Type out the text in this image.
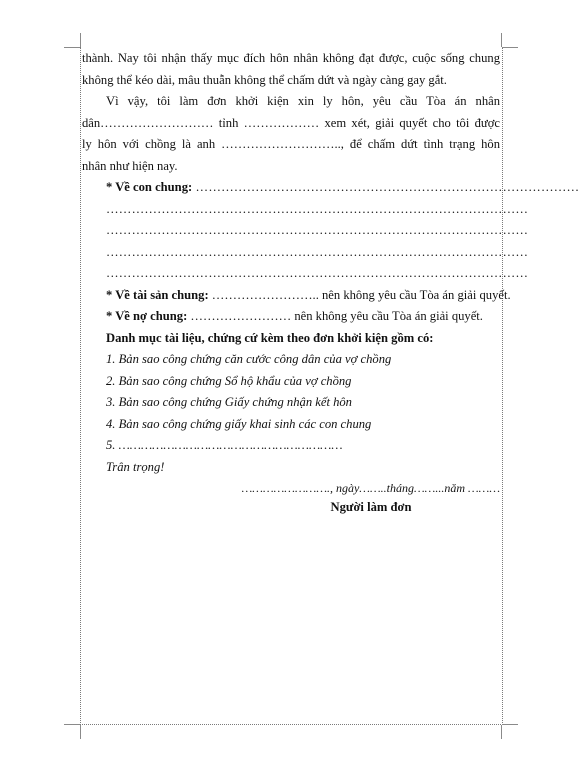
thành. Nay tôi nhận thấy mục đích hôn nhân không đạt được, cuộc sống chung

không thể kéo dài, mâu thuẫn không thể chấm dứt và ngày càng gay gắt.

Vì vậy, tôi làm đơn khởi kiện xin ly hôn, yêu cầu Tòa án nhân

dân……………………… tỉnh ……………… xem xét, giải quyết cho tôi được

ly hôn với chồng là anh ……………………….., để chấm dứt tình trạng hôn

nhân như hiện nay.

* Về con chung: ………………………………………………………………………………

………………………………………………………………………………………

………………………………………………………………………………………

………………………………………………………………………………………

………………………………………………………………………………………

* Về tài sản chung: …………………….. nên không yêu cầu Tòa án giải quyết.

* Về nợ chung: …………………… nên không yêu cầu Tòa án giải quyết.

Danh mục tài liệu, chứng cứ kèm theo đơn khởi kiện gồm có:

1. Bản sao công chứng căn cước công dân của vợ chồng

2. Bản sao công chứng Sổ hộ khẩu của vợ chồng

3. Bản sao công chứng Giấy chứng nhận kết hôn

4. Bản sao công chứng giấy khai sinh các con chung

5. ……………………………………………………

Trân trọng!

……………………., ngày……..tháng……...năm ………

Người làm đơn
